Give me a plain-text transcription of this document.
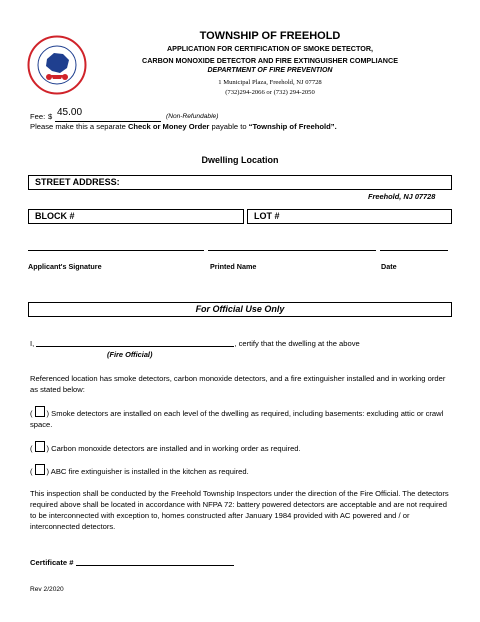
TOWNSHIP OF FREEHOLD
APPLICATION FOR CERTIFICATION OF SMOKE DETECTOR,
CARBON MONOXIDE DETECTOR AND FIRE EXTINGUISHER COMPLIANCE
DEPARTMENT OF FIRE PREVENTION
1 Municipal Plaza, Freehold, NJ 07728
(732)294-2066 or (732) 294-2050
Fee: $ 45.00	(Non-Refundable)
Please make this a separate Check or Money Order payable to “Township of Freehold”.
Dwelling Location
STREET ADDRESS:
Freehold, NJ 07728
BLOCK #	LOT #
Applicant's Signature	Printed Name	Date
For Official Use Only
I,	, certify that the dwelling at the above
(Fire Official)
Referenced location has smoke detectors, carbon monoxide detectors, and a fire extinguisher installed and in working order as stated below:
( ) Smoke detectors are installed on each level of the dwelling as required, including basements: excluding attic or crawl space.
( ) Carbon monoxide detectors are installed and in working order as required.
( ) ABC fire extinguisher is installed in the kitchen as required.
This inspection shall be conducted by the Freehold Township Inspectors under the direction of the Fire Official. The detectors required above shall be located in accordance with NFPA 72: battery powered detectors are acceptable and are not required to be interconnected with exception to, homes constructed after January 1984 provided with AC powered and / or interconnected detectors.
Certificate #
Rev 2/2020
